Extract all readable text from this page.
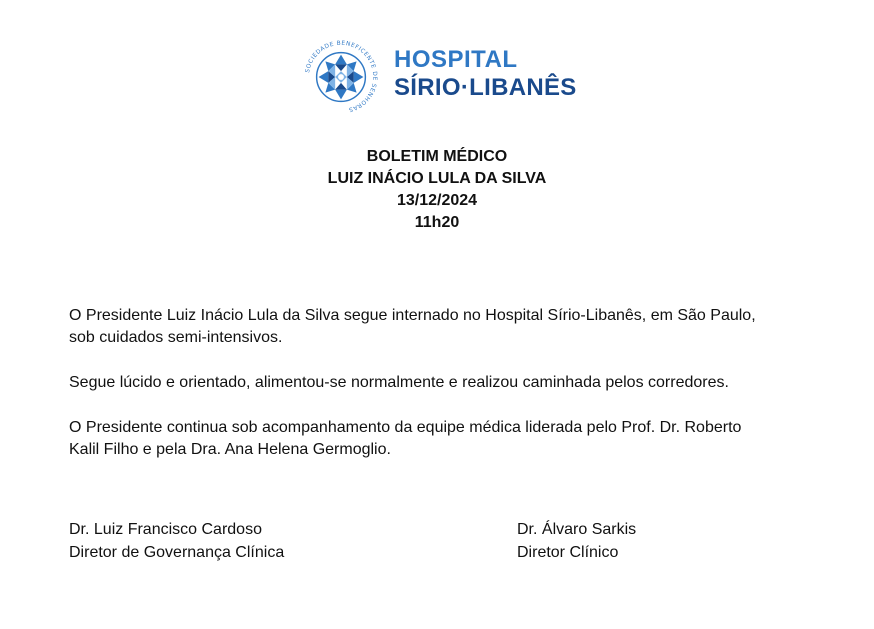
SOCIEDADE BENEFICENTE DE SENHORAS
HOSPITAL
SÍRIO·LIBANÊS
BOLETIM MÉDICO
LUIZ INÁCIO LULA DA SILVA
13/12/2024
11h20
O Presidente Luiz Inácio Lula da Silva segue internado no Hospital Sírio-Libanês, em São Paulo,
sob cuidados semi-intensivos.
Segue lúcido e orientado, alimentou-se normalmente e realizou caminhada pelos corredores.
O Presidente continua sob acompanhamento da equipe médica liderada pelo Prof. Dr. Roberto
Kalil Filho e pela Dra. Ana Helena Germoglio.
Dr. Luiz Francisco Cardoso
Diretor de Governança Clínica
Dr. Álvaro Sarkis
Diretor Clínico
